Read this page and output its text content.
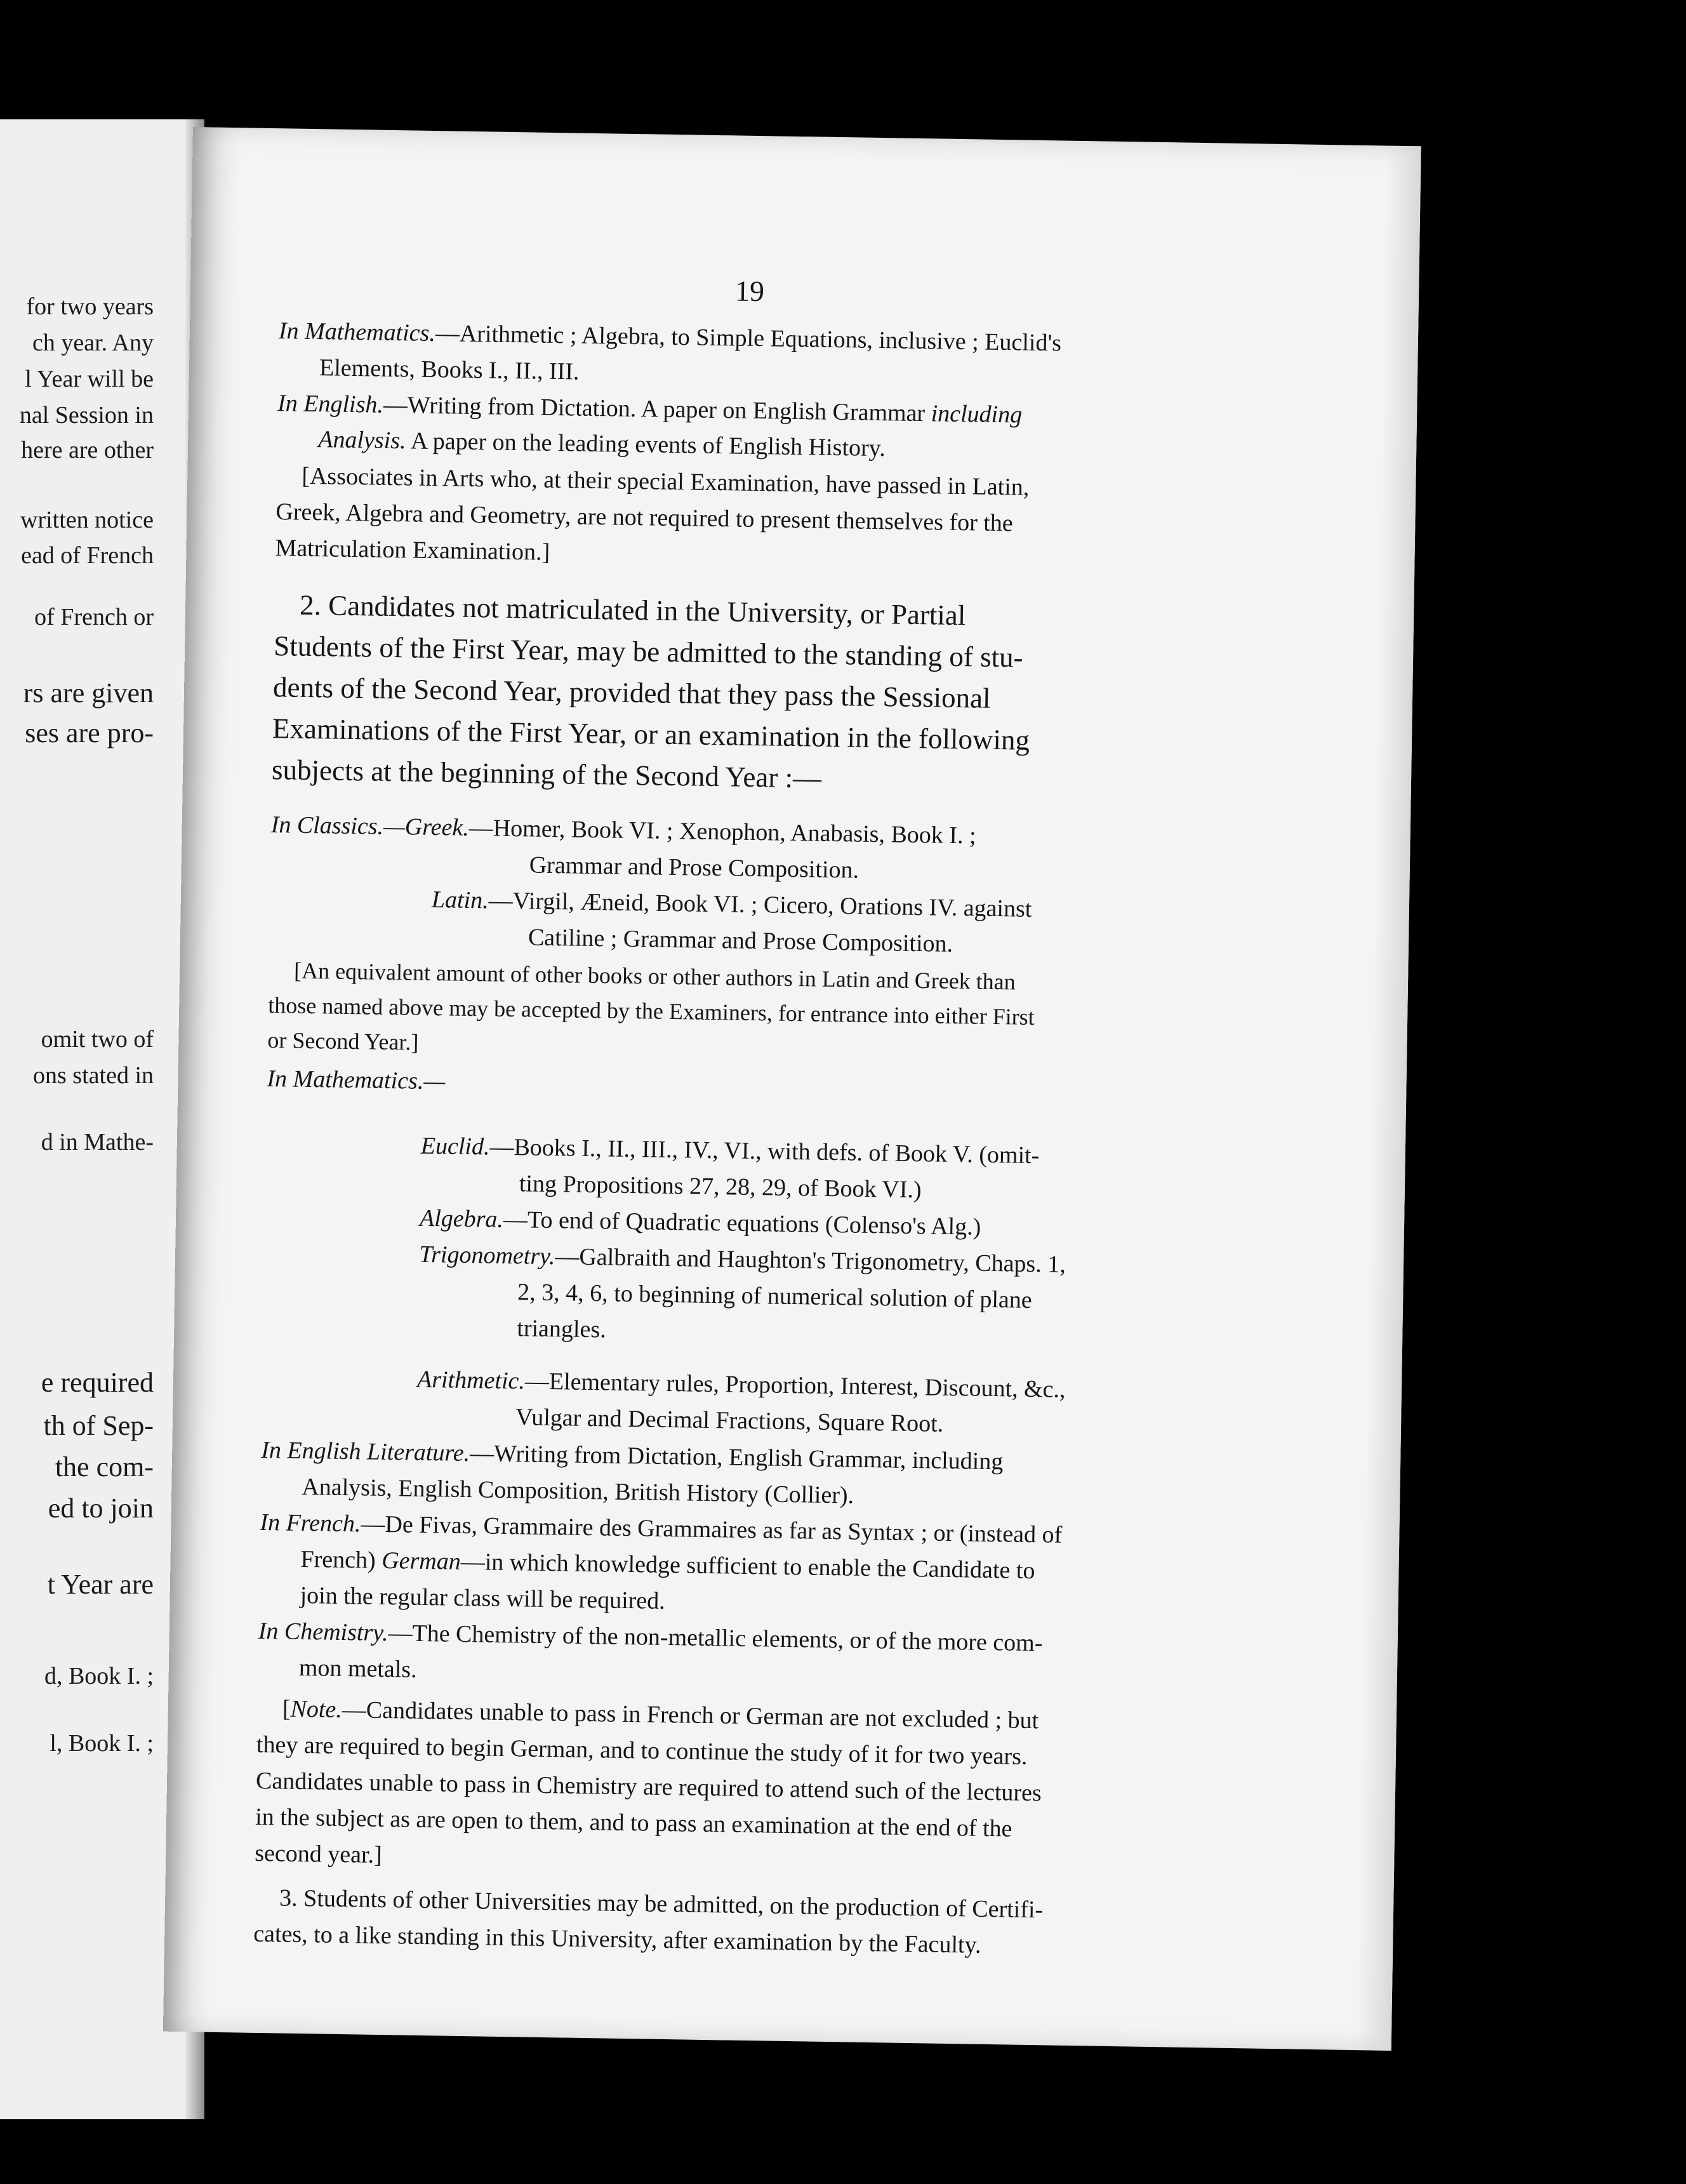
for two years
ch year. Any
l Year will be
nal Session in
here are other
written notice
ead of French
of French or
rs are given
ses are pro-
omit two of
ons stated in
d in Mathe-
e required
th of Sep-
the com-
ed to join
t Year are
d, Book I. ;
l, Book I. ;
19
In Mathematics.—Arithmetic ; Algebra, to Simple Equations, inclusive ; Euclid's
Elements, Books I., II., III.
In English.—Writing from Dictation. A paper on English Grammar including
Analysis. A paper on the leading events of English History.
[Associates in Arts who, at their special Examination, have passed in Latin,
Greek, Algebra and Geometry, are not required to present themselves for the
Matriculation Examination.]
2. Candidates not matriculated in the University, or Partial
Students of the First Year, may be admitted to the standing of stu-
dents of the Second Year, provided that they pass the Sessional
Examinations of the First Year, or an examination in the following
subjects at the beginning of the Second Year :—
In Classics.—Greek.—Homer, Book VI. ; Xenophon, Anabasis, Book I. ;
Grammar and Prose Composition.
Latin.—Virgil, Æneid, Book VI. ; Cicero, Orations IV. against
Catiline ; Grammar and Prose Composition.
[An equivalent amount of other books or other authors in Latin and Greek than
those named above may be accepted by the Examiners, for entrance into either First
or Second Year.]
In Mathematics.—
Euclid.—Books I., II., III., IV., VI., with defs. of Book V. (omit-
ting Propositions 27, 28, 29, of Book VI.)
Algebra.—To end of Quadratic equations (Colenso's Alg.)
Trigonometry.—Galbraith and Haughton's Trigonometry, Chaps. 1,
2, 3, 4, 6, to beginning of numerical solution of plane
triangles.
Arithmetic.—Elementary rules, Proportion, Interest, Discount, &c.,
Vulgar and Decimal Fractions, Square Root.
In English Literature.—Writing from Dictation, English Grammar, including
Analysis, English Composition, British History (Collier).
In French.—De Fivas, Grammaire des Grammaires as far as Syntax ; or (instead of
French) German—in which knowledge sufficient to enable the Candidate to
join the regular class will be required.
In Chemistry.—The Chemistry of the non-metallic elements, or of the more com-
mon metals.
[Note.—Candidates unable to pass in French or German are not excluded ; but
they are required to begin German, and to continue the study of it for two years.
Candidates unable to pass in Chemistry are required to attend such of the lectures
in the subject as are open to them, and to pass an examination at the end of the
second year.]
3. Students of other Universities may be admitted, on the production of Certifi-
cates, to a like standing in this University, after examination by the Faculty.
